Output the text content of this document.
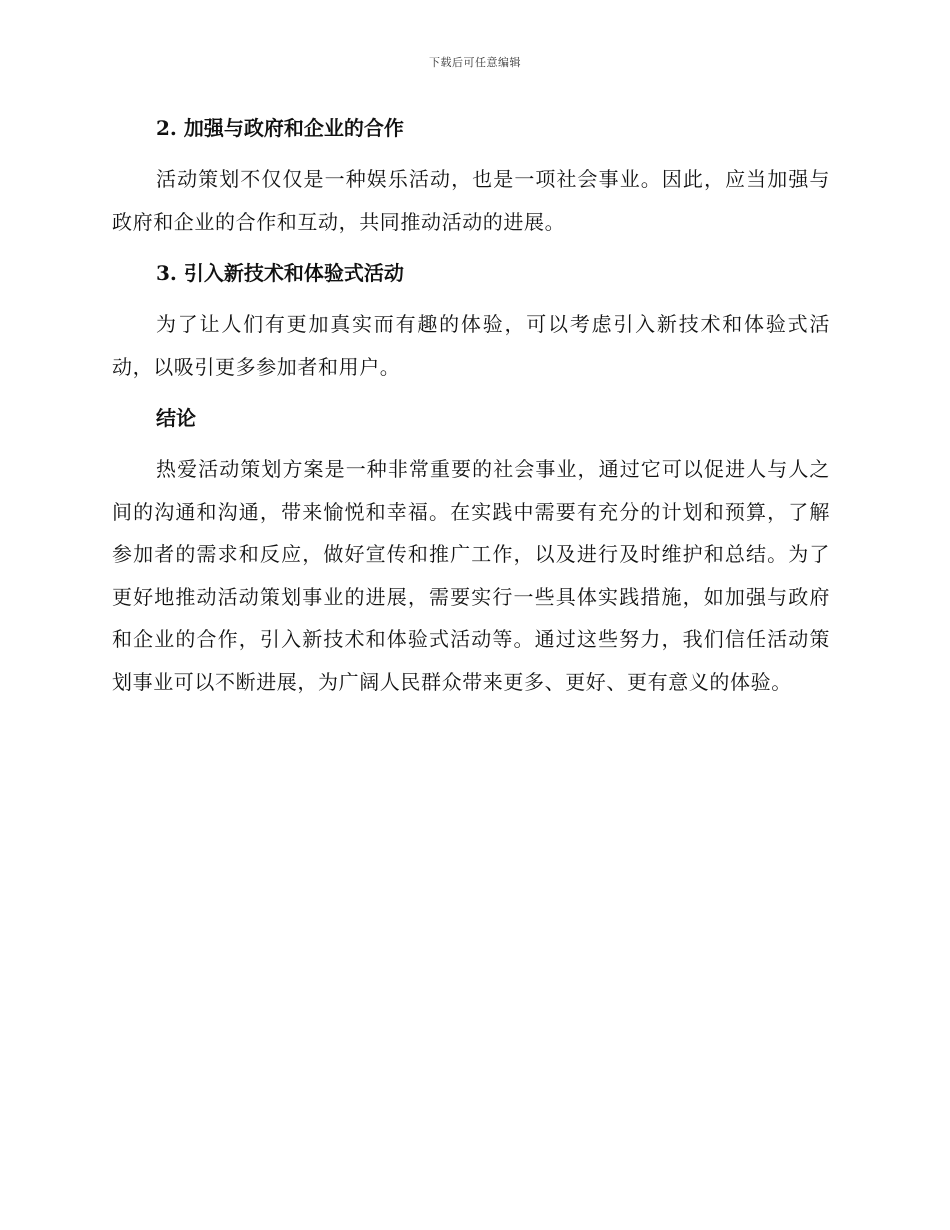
下载后可任意编辑

2. 加强与政府和企业的合作

活动策划不仅仅是一种娱乐活动，也是一项社会事业。因此，应当加强与政府和企业的合作和互动，共同推动活动的进展。

3. 引入新技术和体验式活动

为了让人们有更加真实而有趣的体验，可以考虑引入新技术和体验式活动，以吸引更多参加者和用户。

结论

热爱活动策划方案是一种非常重要的社会事业，通过它可以促进人与人之间的沟通和沟通，带来愉悦和幸福。在实践中需要有充分的计划和预算，了解参加者的需求和反应，做好宣传和推广工作，以及进行及时维护和总结。为了更好地推动活动策划事业的进展，需要实行一些具体实践措施，如加强与政府和企业的合作，引入新技术和体验式活动等。通过这些努力，我们信任活动策划事业可以不断进展，为广阔人民群众带来更多、更好、更有意义的体验。
